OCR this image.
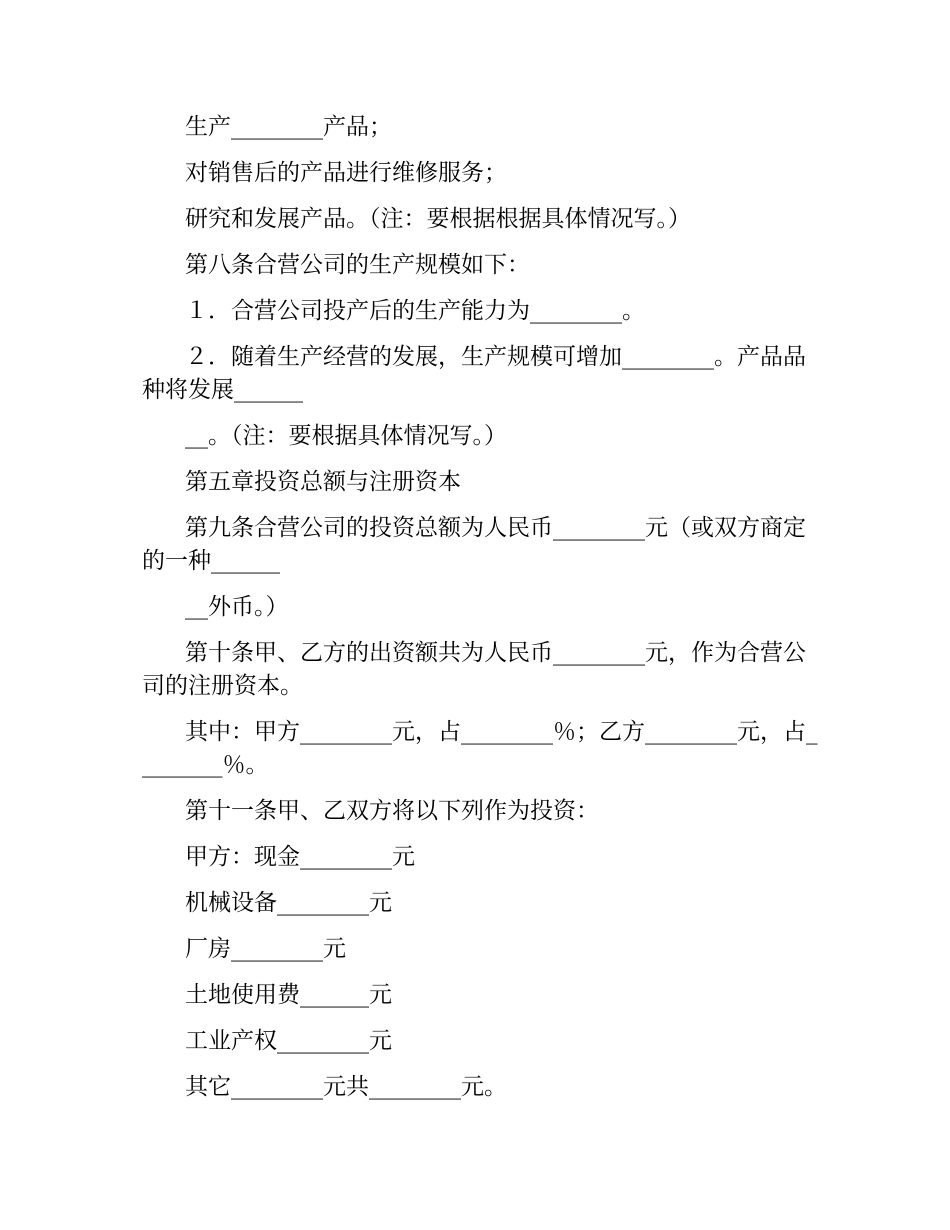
生产________产品；

对销售后的产品进行维修服务；

研究和发展产品。（注：要根据根据具体情况写。）

第八条合营公司的生产规模如下：

１．合营公司投产后的生产能力为________。

２．随着生产经营的发展，生产规模可增加________。产品品种将发展______

__。（注：要根据具体情况写。）

第五章投资总额与注册资本

第九条合营公司的投资总额为人民币________元（或双方商定的一种______

__外币。）

第十条甲、乙方的出资额共为人民币________元，作为合营公司的注册资本。

其中：甲方________元，占________％；乙方________元，占________％。

第十一条甲、乙双方将以下列作为投资：

甲方：现金________元

机械设备________元

厂房________元

土地使用费______元

工业产权________元

其它________元共________元。
